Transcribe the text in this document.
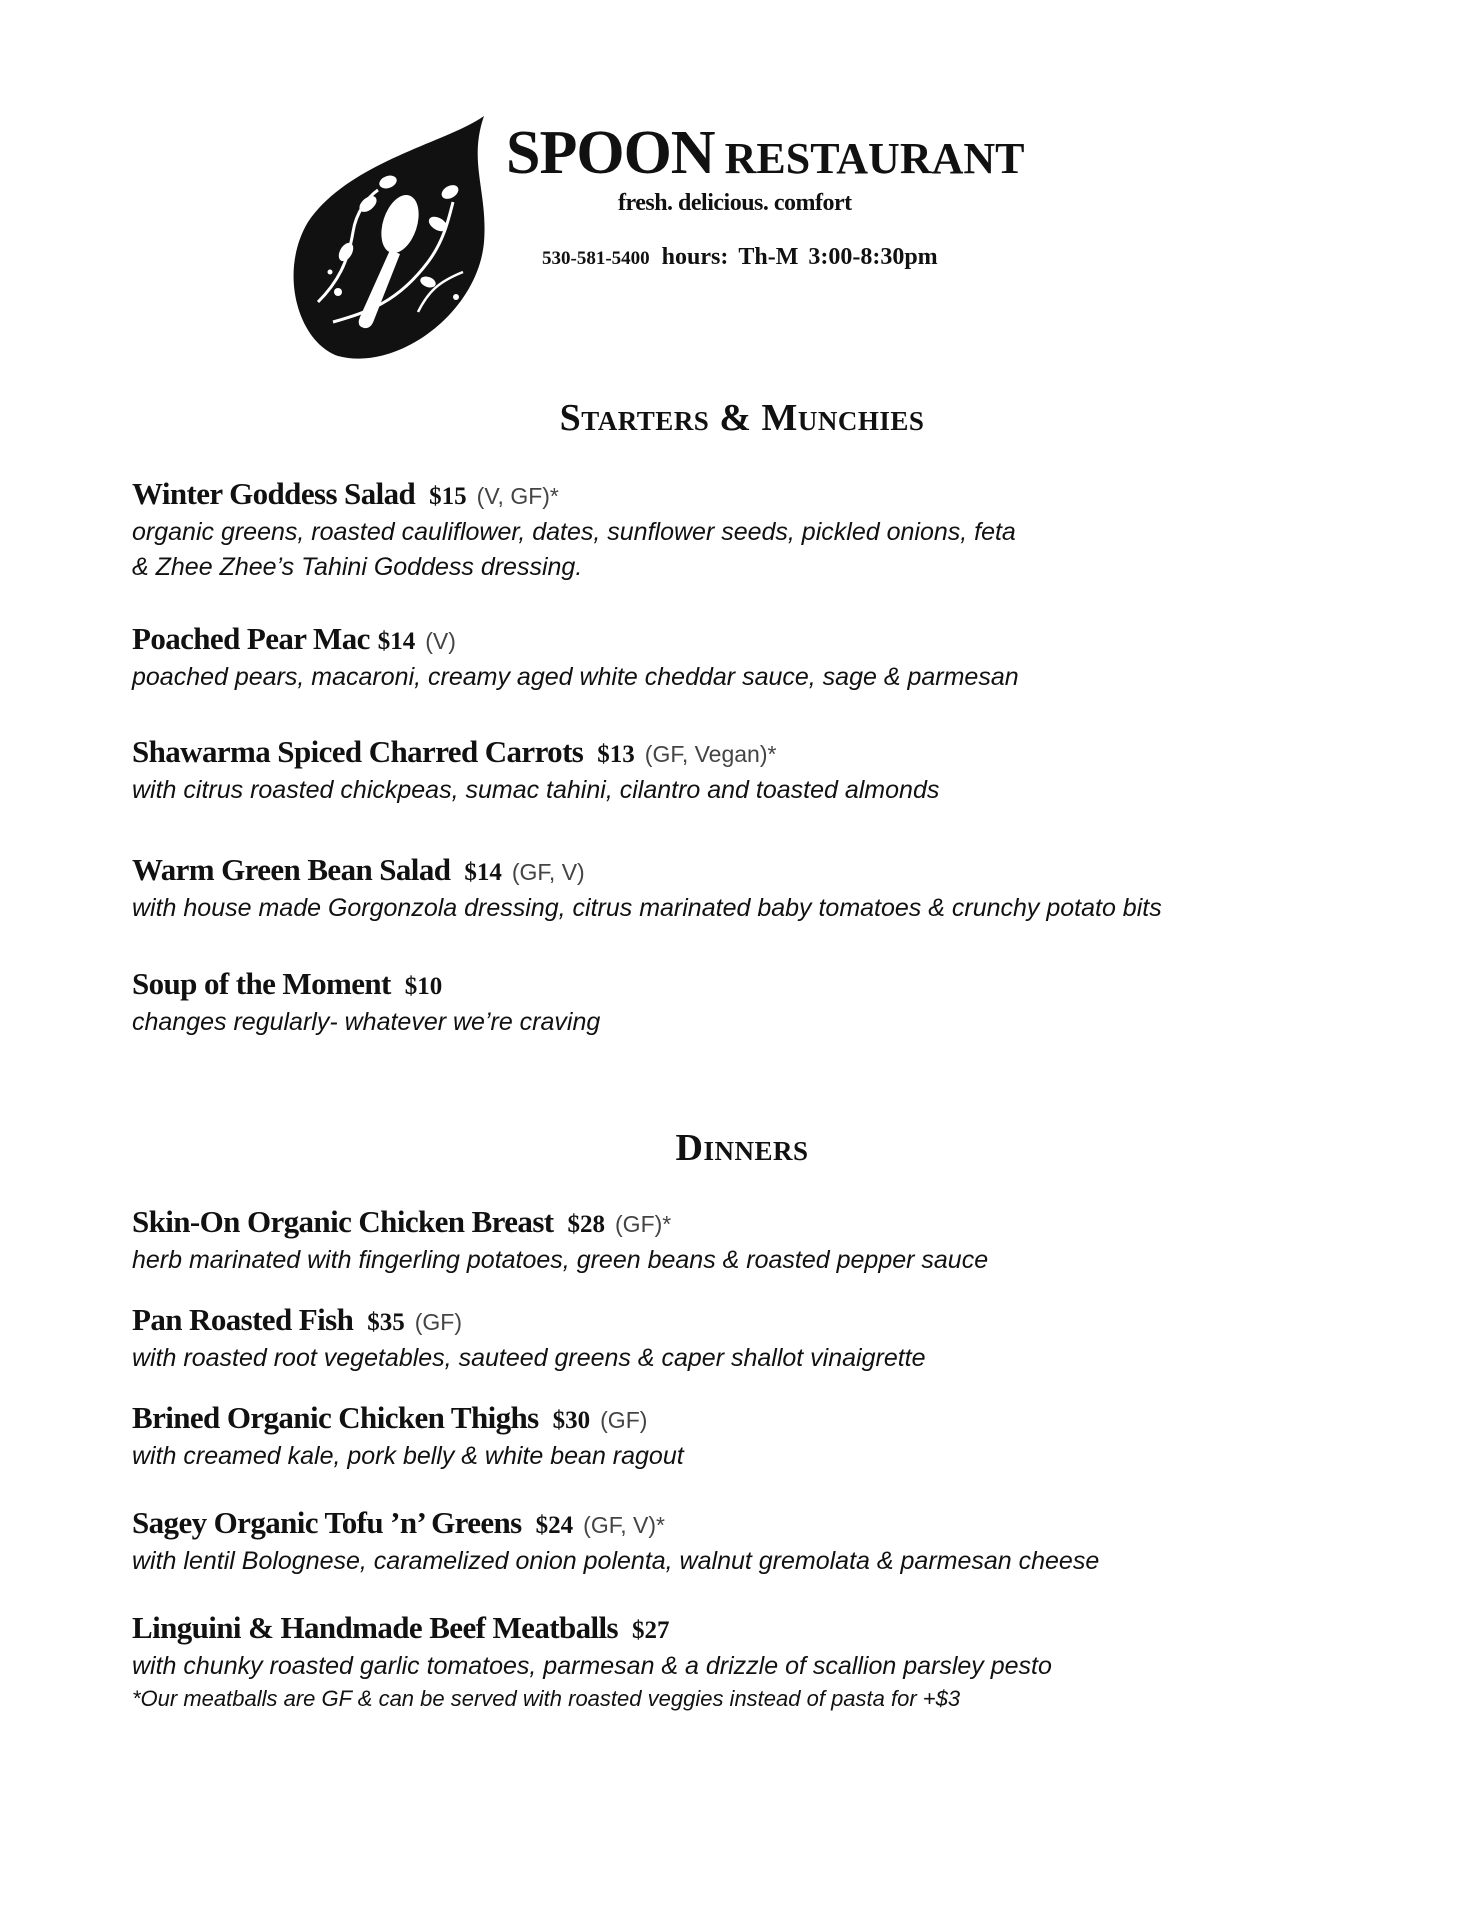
SPOON RESTAURANT
fresh. delicious. comfort
530-581-5400 hours: Th-M 3:00-8:30pm
Starters & Munchies
Winter Goddess Salad $15 (V, GF)*
organic greens, roasted cauliflower, dates, sunflower seeds, pickled onions, feta
& Zhee Zhee’s Tahini Goddess dressing.
Poached Pear Mac $14 (V)
poached pears, macaroni, creamy aged white cheddar sauce, sage & parmesan
Shawarma Spiced Charred Carrots $13 (GF, Vegan)*
with citrus roasted chickpeas, sumac tahini, cilantro and toasted almonds
Warm Green Bean Salad $14 (GF, V)
with house made Gorgonzola dressing, citrus marinated baby tomatoes & crunchy potato bits
Soup of the Moment $10
changes regularly- whatever we’re craving
Dinners
Skin-On Organic Chicken Breast $28 (GF)*
herb marinated with fingerling potatoes, green beans & roasted pepper sauce
Pan Roasted Fish $35 (GF)
with roasted root vegetables, sauteed greens & caper shallot vinaigrette
Brined Organic Chicken Thighs $30 (GF)
with creamed kale, pork belly & white bean ragout
Sagey Organic Tofu ’n’ Greens $24 (GF, V)*
with lentil Bolognese, caramelized onion polenta, walnut gremolata & parmesan cheese
Linguini & Handmade Beef Meatballs $27
with chunky roasted garlic tomatoes, parmesan & a drizzle of scallion parsley pesto
*Our meatballs are GF & can be served with roasted veggies instead of pasta for +$3
